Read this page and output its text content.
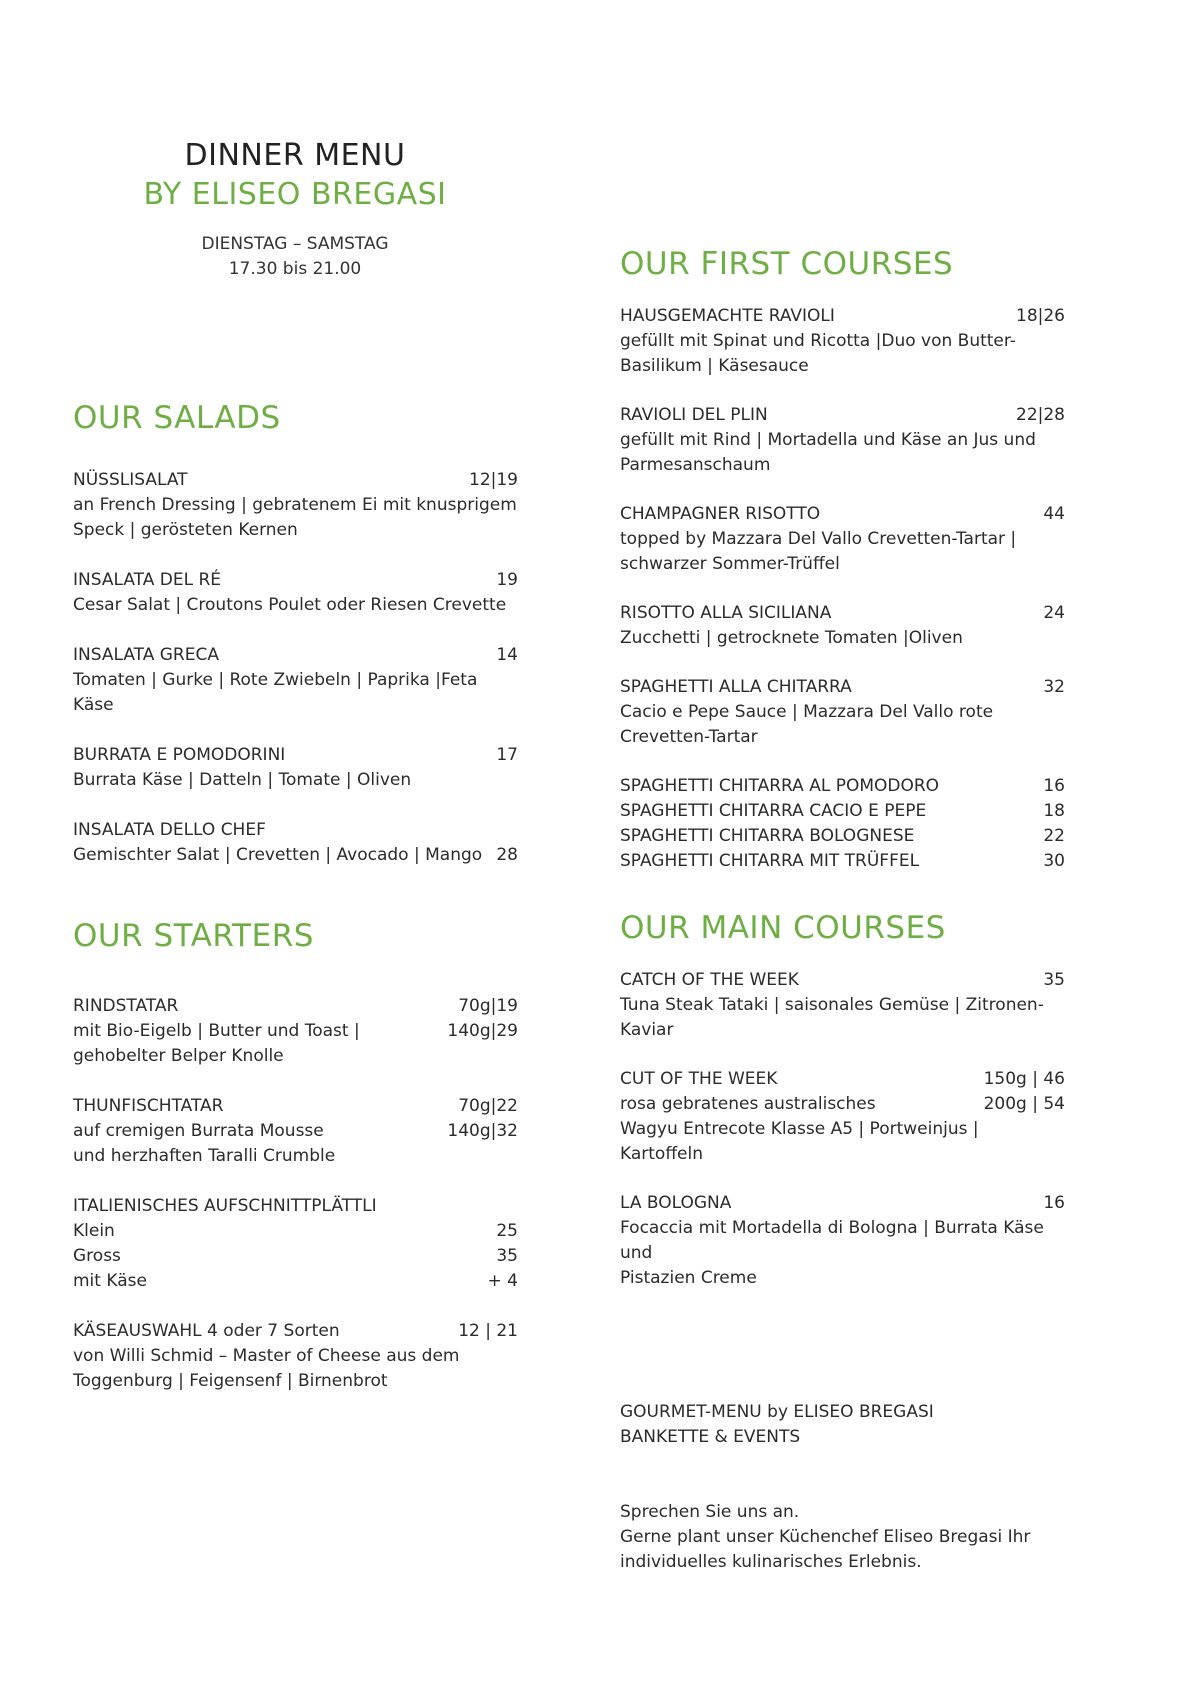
DINNER MENU
BY ELISEO BREGASI
DIENSTAG – SAMSTAG
17.30 bis 21.00
OUR SALADS
NÜSSLISALAT	12|19
an French Dressing | gebratenem Ei mit knusprigem
Speck | gerösteten Kernen
INSALATA DEL RÉ	19
Cesar Salat | Croutons Poulet oder Riesen Crevette
INSALATA GRECA	14
Tomaten | Gurke | Rote Zwiebeln | Paprika |Feta Käse
BURRATA E POMODORINI	17
Burrata Käse | Datteln | Tomate | Oliven
INSALATA DELLO CHEF
Gemischter Salat | Crevetten | Avocado | Mango 28
OUR STARTERS
RINDSTATAR	70g|19
mit Bio-Eigelb | Butter und Toast |	140g|29
gehobelter Belper Knolle
THUNFISCHTATAR	70g|22
auf cremigen Burrata Mousse	140g|32
und herzhaften Taralli Crumble
ITALIENISCHES AUFSCHNITTPLÄTTLI
Klein	25
Gross	35
mit Käse	+ 4
KÄSEAUSWAHL 4 oder 7 Sorten	12 | 21
von Willi Schmid – Master of Cheese aus dem
Toggenburg | Feigensenf | Birnenbrot
OUR FIRST COURSES
HAUSGEMACHTE RAVIOLI	18|26
gefüllt mit Spinat und Ricotta |Duo von Butter-
Basilikum | Käsesauce
RAVIOLI DEL PLIN	22|28
gefüllt mit Rind | Mortadella und Käse an Jus und
Parmesanschaum
CHAMPAGNER RISOTTO	44
topped by Mazzara Del Vallo Crevetten-Tartar |
schwarzer Sommer-Trüffel
RISOTTO ALLA SICILIANA	24
Zucchetti | getrocknete Tomaten |Oliven
SPAGHETTI ALLA CHITARRA	32
Cacio e Pepe Sauce | Mazzara Del Vallo rote
Crevetten-Tartar
SPAGHETTI CHITARRA AL POMODORO	16
SPAGHETTI CHITARRA CACIO E PEPE	18
SPAGHETTI CHITARRA BOLOGNESE	22
SPAGHETTI CHITARRA MIT TRÜFFEL	30
OUR MAIN COURSES
CATCH OF THE WEEK	35
Tuna Steak Tataki | saisonales Gemüse | Zitronen-
Kaviar
CUT OF THE WEEK	150g | 46
rosa gebratenes australisches	200g | 54
Wagyu Entrecote Klasse A5 | Portweinjus | Kartoffeln
LA BOLOGNA	16
Focaccia mit Mortadella di Bologna | Burrata Käse und
Pistazien Creme
GOURMET-MENU by ELISEO BREGASI
BANKETTE & EVENTS
Sprechen Sie uns an.
Gerne plant unser Küchenchef Eliseo Bregasi Ihr
individuelles kulinarisches Erlebnis.
